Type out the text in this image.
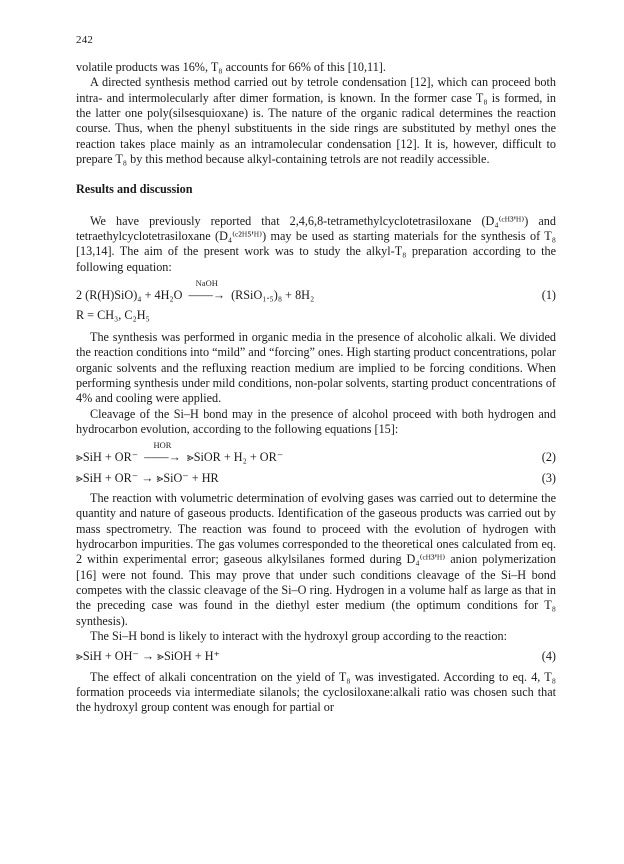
242

volatile products was 16%, T₈ accounts for 66% of this [10,11].

A directed synthesis method carried out by tetrole condensation [12], which can proceed both intra- and intermolecularly after dimer formation, is known. In the former case T₈ is formed, in the latter one poly(silsesquioxane) is. The nature of the organic radical determines the reaction course. Thus, when the phenyl substituents in the side rings are substituted by methyl ones the reaction takes place mainly as an intramolecular condensation [12]. It is, however, difficult to prepare T₈ by this method because alkyl-containing tetrols are not readily accessible.

Results and discussion

We have previously reported that 2,4,6,8-tetramethylcyclotetrasiloxane (D₄⁽ᶜᴴ³'ᴴ⁾) and tetraethylcyclotetrasiloxane (D₄⁽ᶜ²ᴴ⁵'ᴴ⁾) may be used as starting materials for the synthesis of T₈ [13,14]. The aim of the present work was to study the alkyl-T₈ preparation according to the following equation:

2 (R(H)SiO)₄ + 4H₂O
NaOH
——→ (RSiO₁.₅)₈ + 8H₂	(1)
R = CH₃, C₂H₅

The synthesis was performed in organic media in the presence of alcoholic alkali. We divided the reaction conditions into “mild” and “forcing” ones. High starting product concentrations, polar organic solvents and the refluxing reaction medium are implied to be forcing conditions. When performing synthesis under mild conditions, non-polar solvents, starting product concentrations of 4% and cooling were applied.

Cleavage of the Si–H bond may in the presence of alcohol proceed with both hydrogen and hydrocarbon evolution, according to the following equations [15]:

⪢SiH + OR⁻
HOR
——→ ⪢SiOR + H₂ + OR⁻	(2)
⪢SiH + OR⁻ → ⪢SiO⁻ + HR	(3)

The reaction with volumetric determination of evolving gases was carried out to determine the quantity and nature of gaseous products. Identification of the gaseous products was carried out by mass spectrometry. The reaction was found to proceed with the evolution of hydrogen with hydrocarbon impurities. The gas volumes corresponded to the theoretical ones calculated from eq. 2 within experimental error; gaseous alkylsilanes formed during D₄⁽ᶜᴴ³'ᴴ⁾ anion polymerization [16] were not found. This may prove that under such conditions cleavage of the Si–H bond competes with the classic cleavage of the Si–O ring. Hydrogen in a volume half as large as that in the preceding case was found in the diethyl ester medium (the optimum conditions for T₈ synthesis).

The Si–H bond is likely to interact with the hydroxyl group according to the reaction:

⪢SiH + OH⁻ → ⪢SiOH + H⁺	(4)

The effect of alkali concentration on the yield of T₈ was investigated. According to eq. 4, T₈ formation proceeds via intermediate silanols; the cyclosiloxane:alkali ratio was chosen such that the hydroxyl group content was enough for partial or
